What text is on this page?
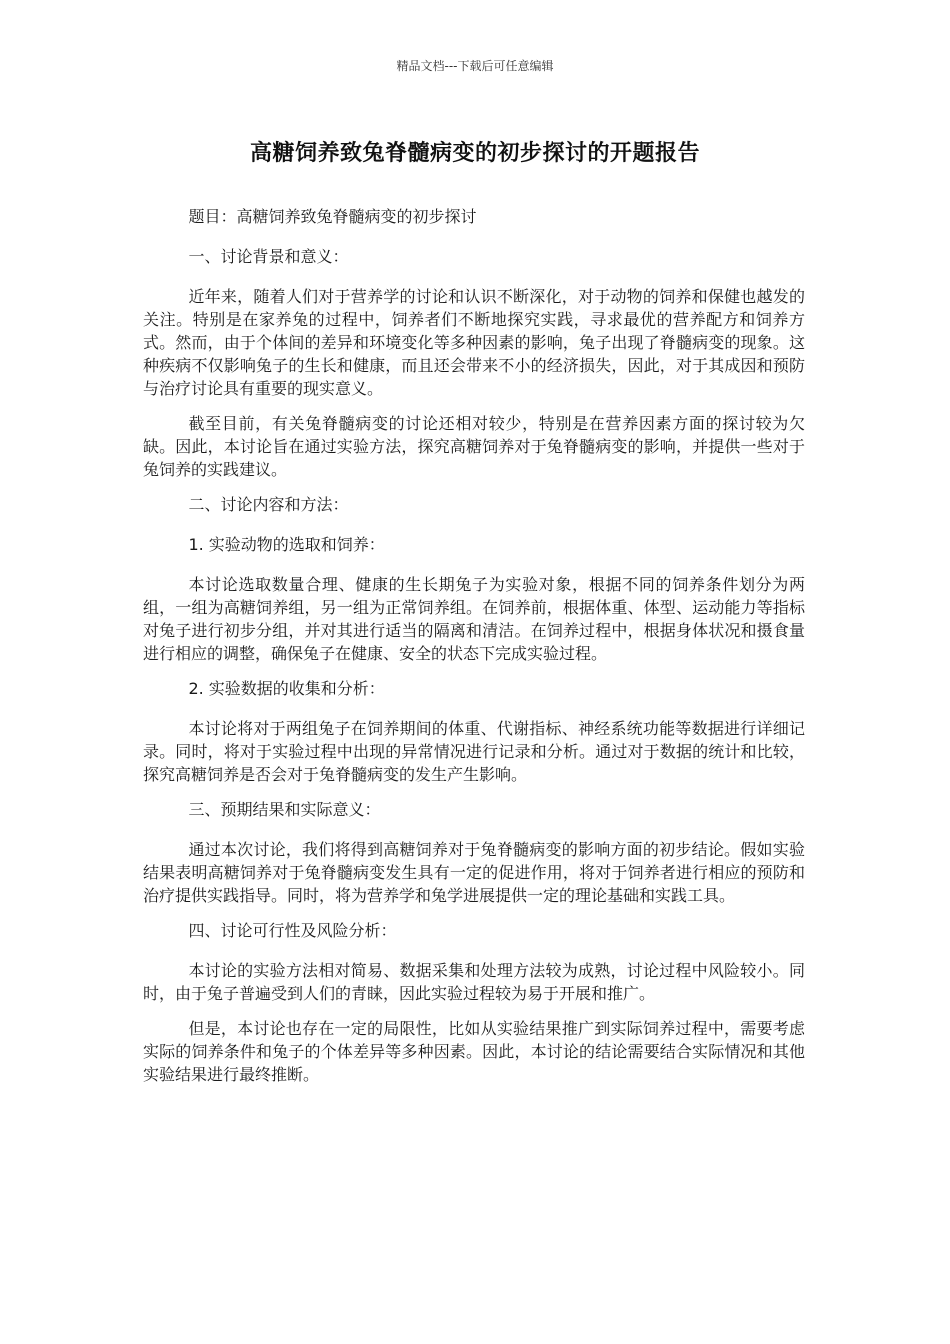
精品文档---下载后可任意编辑
高糖饲养致兔脊髓病变的初步探讨的开题报告

题目：高糖饲养致兔脊髓病变的初步探讨

一、讨论背景和意义：

近年来，随着人们对于营养学的讨论和认识不断深化，对于动物的饲养和保健也越发的关注。特别是在家养兔的过程中，饲养者们不断地探究实践，寻求最优的营养配方和饲养方式。然而，由于个体间的差异和环境变化等多种因素的影响，兔子出现了脊髓病变的现象。这种疾病不仅影响兔子的生长和健康，而且还会带来不小的经济损失，因此，对于其成因和预防与治疗讨论具有重要的现实意义。

截至目前，有关兔脊髓病变的讨论还相对较少，特别是在营养因素方面的探讨较为欠缺。因此，本讨论旨在通过实验方法，探究高糖饲养对于兔脊髓病变的影响，并提供一些对于兔饲养的实践建议。

二、讨论内容和方法：

1. 实验动物的选取和饲养：

本讨论选取数量合理、健康的生长期兔子为实验对象，根据不同的饲养条件划分为两组，一组为高糖饲养组，另一组为正常饲养组。在饲养前，根据体重、体型、运动能力等指标对兔子进行初步分组，并对其进行适当的隔离和清洁。在饲养过程中，根据身体状况和摄食量进行相应的调整，确保兔子在健康、安全的状态下完成实验过程。

2. 实验数据的收集和分析：

本讨论将对于两组兔子在饲养期间的体重、代谢指标、神经系统功能等数据进行详细记录。同时，将对于实验过程中出现的异常情况进行记录和分析。通过对于数据的统计和比较，探究高糖饲养是否会对于兔脊髓病变的发生产生影响。

三、预期结果和实际意义：

通过本次讨论，我们将得到高糖饲养对于兔脊髓病变的影响方面的初步结论。假如实验结果表明高糖饲养对于兔脊髓病变发生具有一定的促进作用，将对于饲养者进行相应的预防和治疗提供实践指导。同时，将为营养学和兔学进展提供一定的理论基础和实践工具。

四、讨论可行性及风险分析：

本讨论的实验方法相对简易、数据采集和处理方法较为成熟，讨论过程中风险较小。同时，由于兔子普遍受到人们的青睐，因此实验过程较为易于开展和推广。

但是，本讨论也存在一定的局限性，比如从实验结果推广到实际饲养过程中，需要考虑实际的饲养条件和兔子的个体差异等多种因素。因此，本讨论的结论需要结合实际情况和其他实验结果进行最终推断。
